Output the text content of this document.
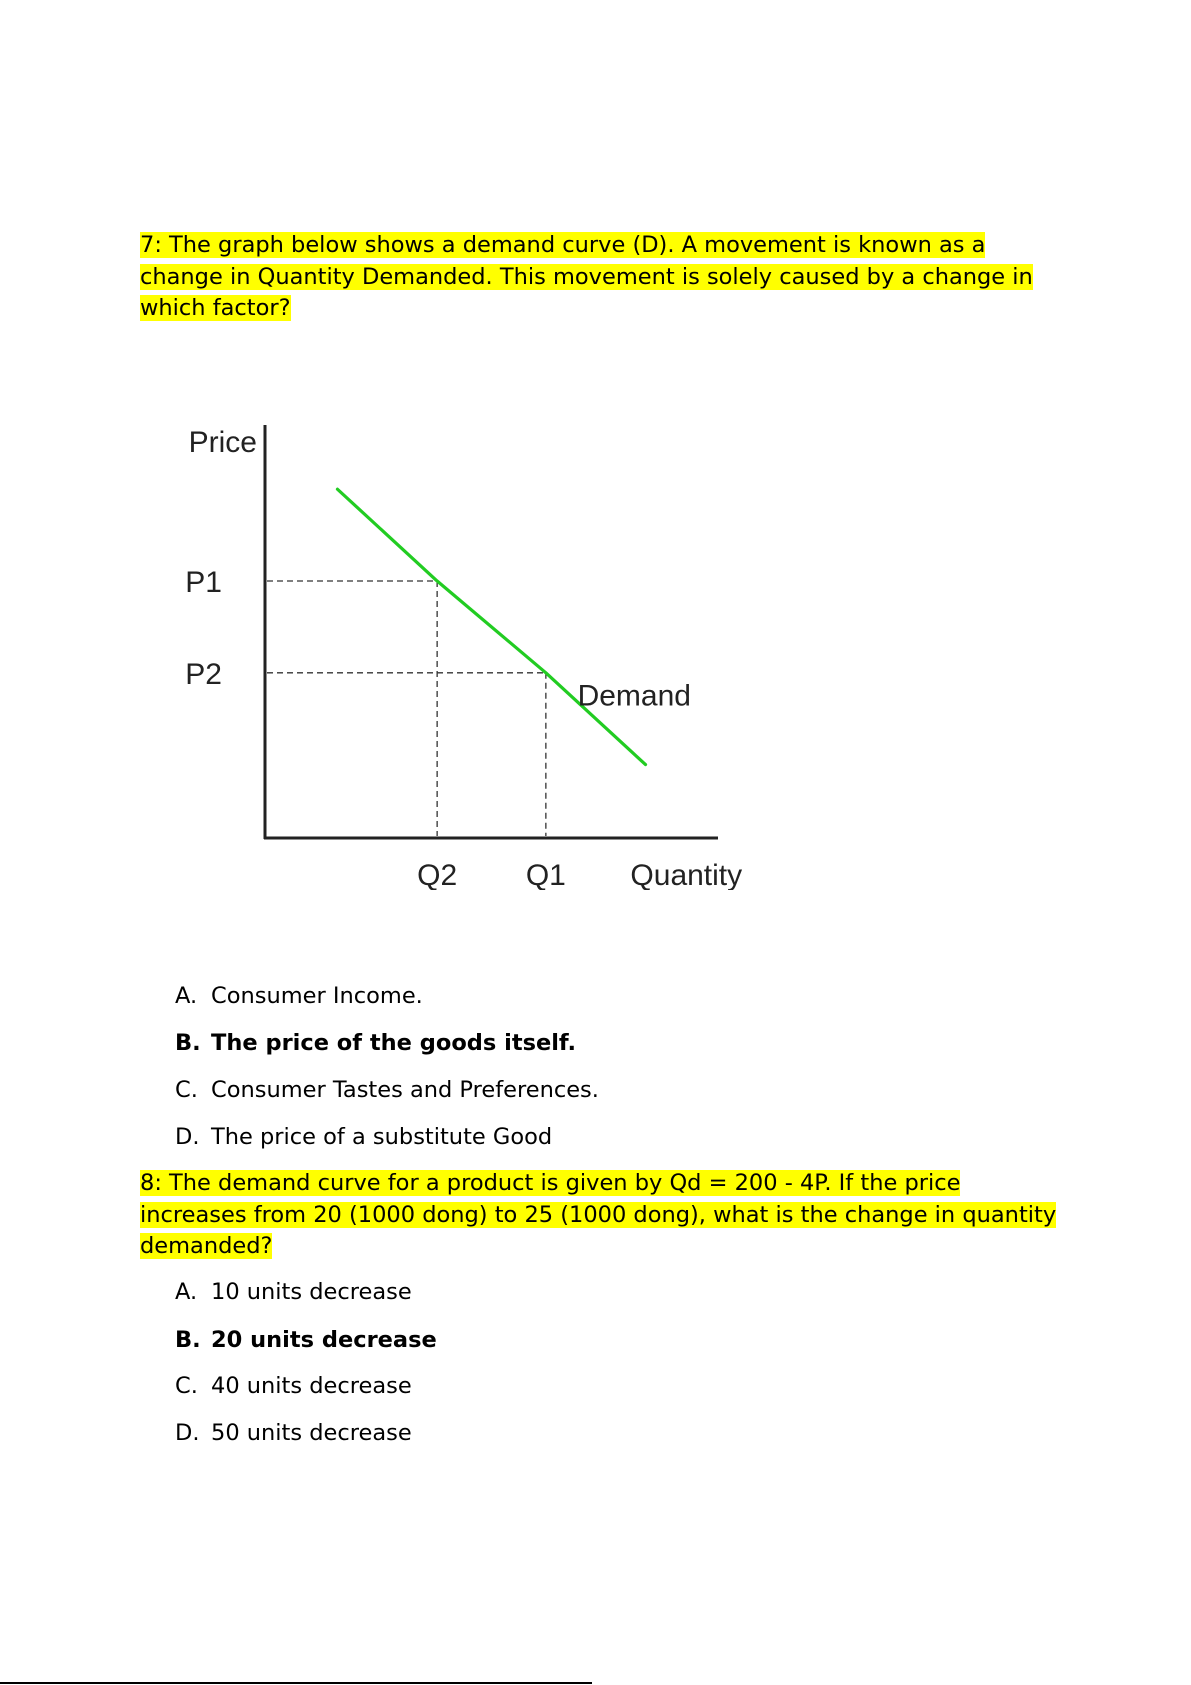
7: The graph below shows a demand curve (D). A movement is known as a change in Quantity Demanded. This movement is solely caused by a change in which factor?

Price
Quantity
P1
P2
Q2 Q1
Demand
A. Consumer Income.
B. The price of the goods itself.
C. Consumer Tastes and Preferences.
D. The price of a substitute Good

8: The demand curve for a product is given by Qd = 200 - 4P. If the price increases from 20 (1000 dong) to 25 (1000 dong), what is the change in quantity demanded?

A. 10 units decrease
B. 20 units decrease
C. 40 units decrease
D. 50 units decrease
